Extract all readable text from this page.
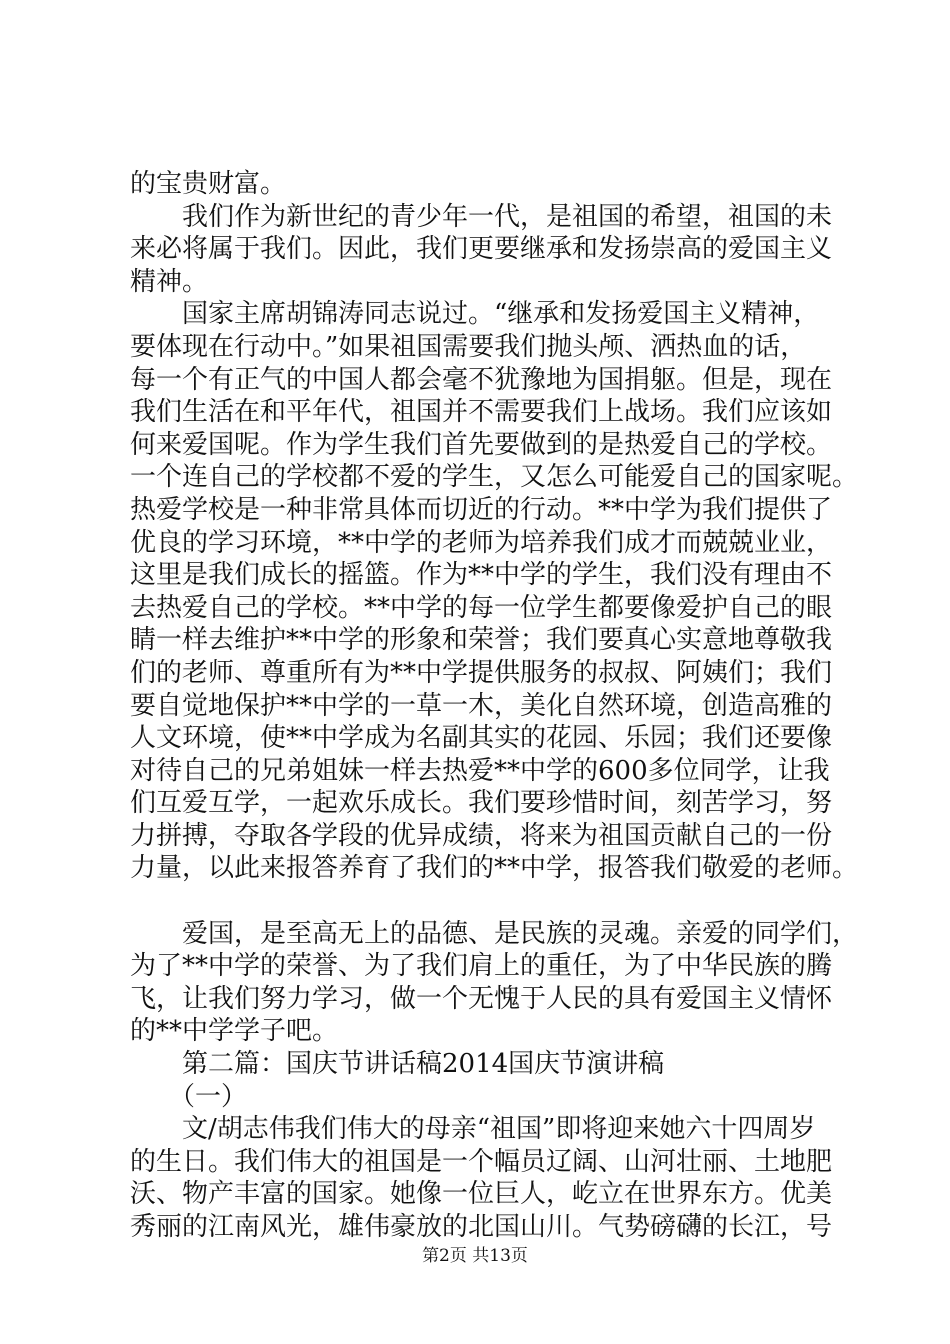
的宝贵财富。
　　我们作为新世纪的青少年一代，是祖国的希望，祖国的未
来必将属于我们。因此，我们更要继承和发扬崇高的爱国主义
精神。
　　国家主席胡锦涛同志说过。“继承和发扬爱国主义精神，
要体现在行动中。”如果祖国需要我们抛头颅、洒热血的话，
每一个有正气的中国人都会毫不犹豫地为国捐躯。但是，现在
我们生活在和平年代，祖国并不需要我们上战场。我们应该如
何来爱国呢。作为学生我们首先要做到的是热爱自己的学校。
一个连自己的学校都不爱的学生，又怎么可能爱自己的国家呢。
热爱学校是一种非常具体而切近的行动。**中学为我们提供了
优良的学习环境，**中学的老师为培养我们成才而兢兢业业，
这里是我们成长的摇篮。作为**中学的学生，我们没有理由不
去热爱自己的学校。**中学的每一位学生都要像爱护自己的眼
睛一样去维护**中学的形象和荣誉；我们要真心实意地尊敬我
们的老师、尊重所有为**中学提供服务的叔叔、阿姨们；我们
要自觉地保护**中学的一草一木，美化自然环境，创造高雅的
人文环境，使**中学成为名副其实的花园、乐园；我们还要像
对待自己的兄弟姐妹一样去热爱**中学的600多位同学，让我
们互爱互学，一起欢乐成长。我们要珍惜时间，刻苦学习，努
力拼搏，夺取各学段的优异成绩，将来为祖国贡献自己的一份
力量，以此来报答养育了我们的**中学，报答我们敬爱的老师。
　　爱国，是至高无上的品德、是民族的灵魂。亲爱的同学们，
为了**中学的荣誉、为了我们肩上的重任，为了中华民族的腾
飞，让我们努力学习，做一个无愧于人民的具有爱国主义情怀
的**中学学子吧。
　　第二篇：国庆节讲话稿2014国庆节演讲稿
　　（一）
　　文/胡志伟我们伟大的母亲“祖国”即将迎来她六十四周岁
的生日。我们伟大的祖国是一个幅员辽阔、山河壮丽、土地肥
沃、物产丰富的国家。她像一位巨人，屹立在世界东方。优美
秀丽的江南风光，雄伟豪放的北国山川。气势磅礴的长江，号
第2页 共13页
